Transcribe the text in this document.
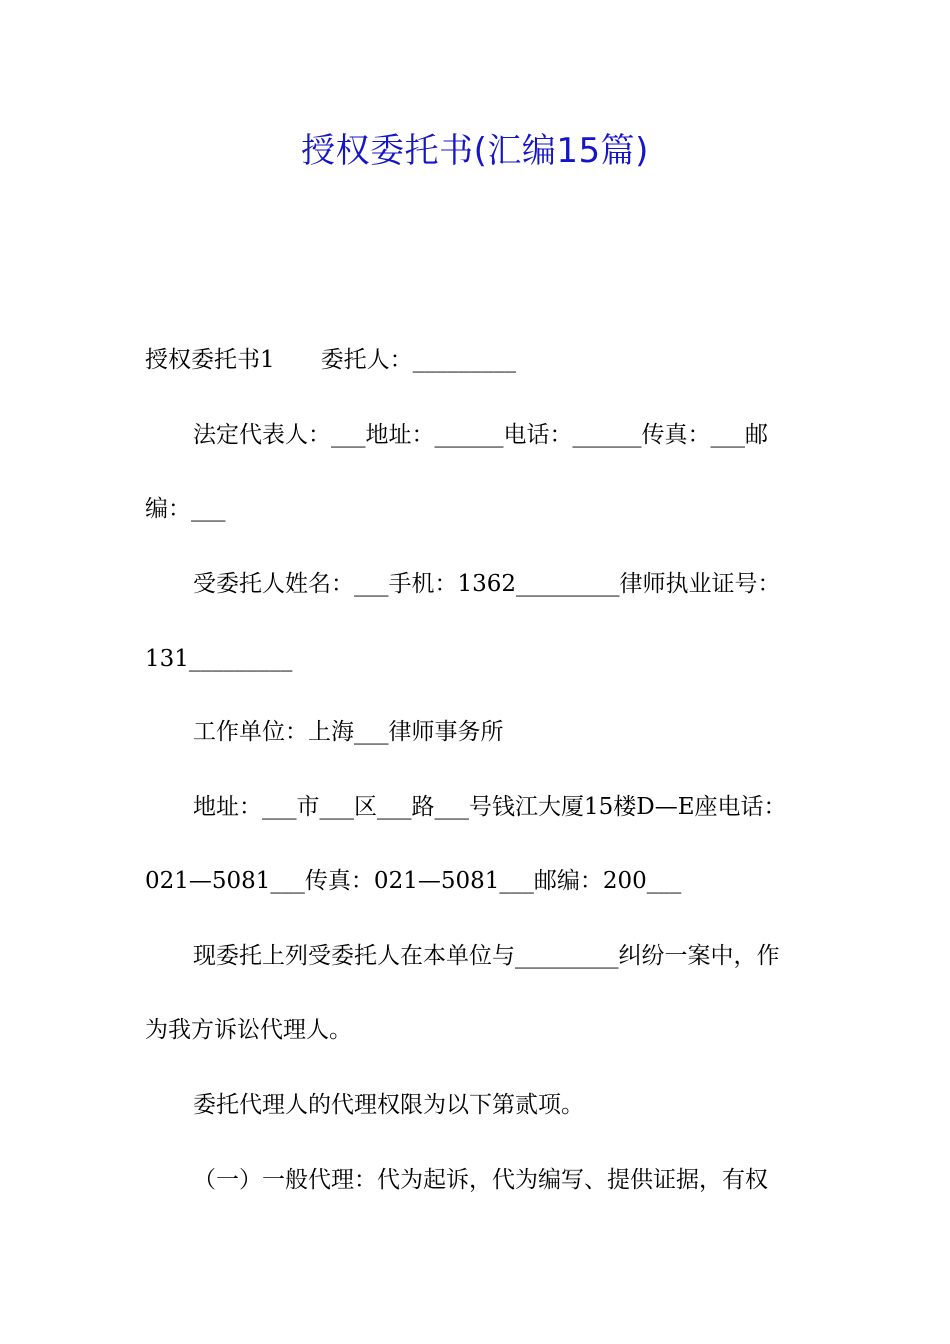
授权委托书(汇编15篇)
授权委托书1　　委托人：_________
法定代表人：___地址：______电话：______传真：___邮
编：___
受委托人姓名：___手机：1362_________律师执业证号：
131_________
工作单位：上海___律师事务所
地址：___市___区___路___号钱江大厦15楼D—E座电话：
021—5081___传真：021—5081___邮编：200___
现委托上列受委托人在本单位与_________纠纷一案中，作
为我方诉讼代理人。
委托代理人的代理权限为以下第贰项。
（一）一般代理：代为起诉，代为编写、提供证据，有权
